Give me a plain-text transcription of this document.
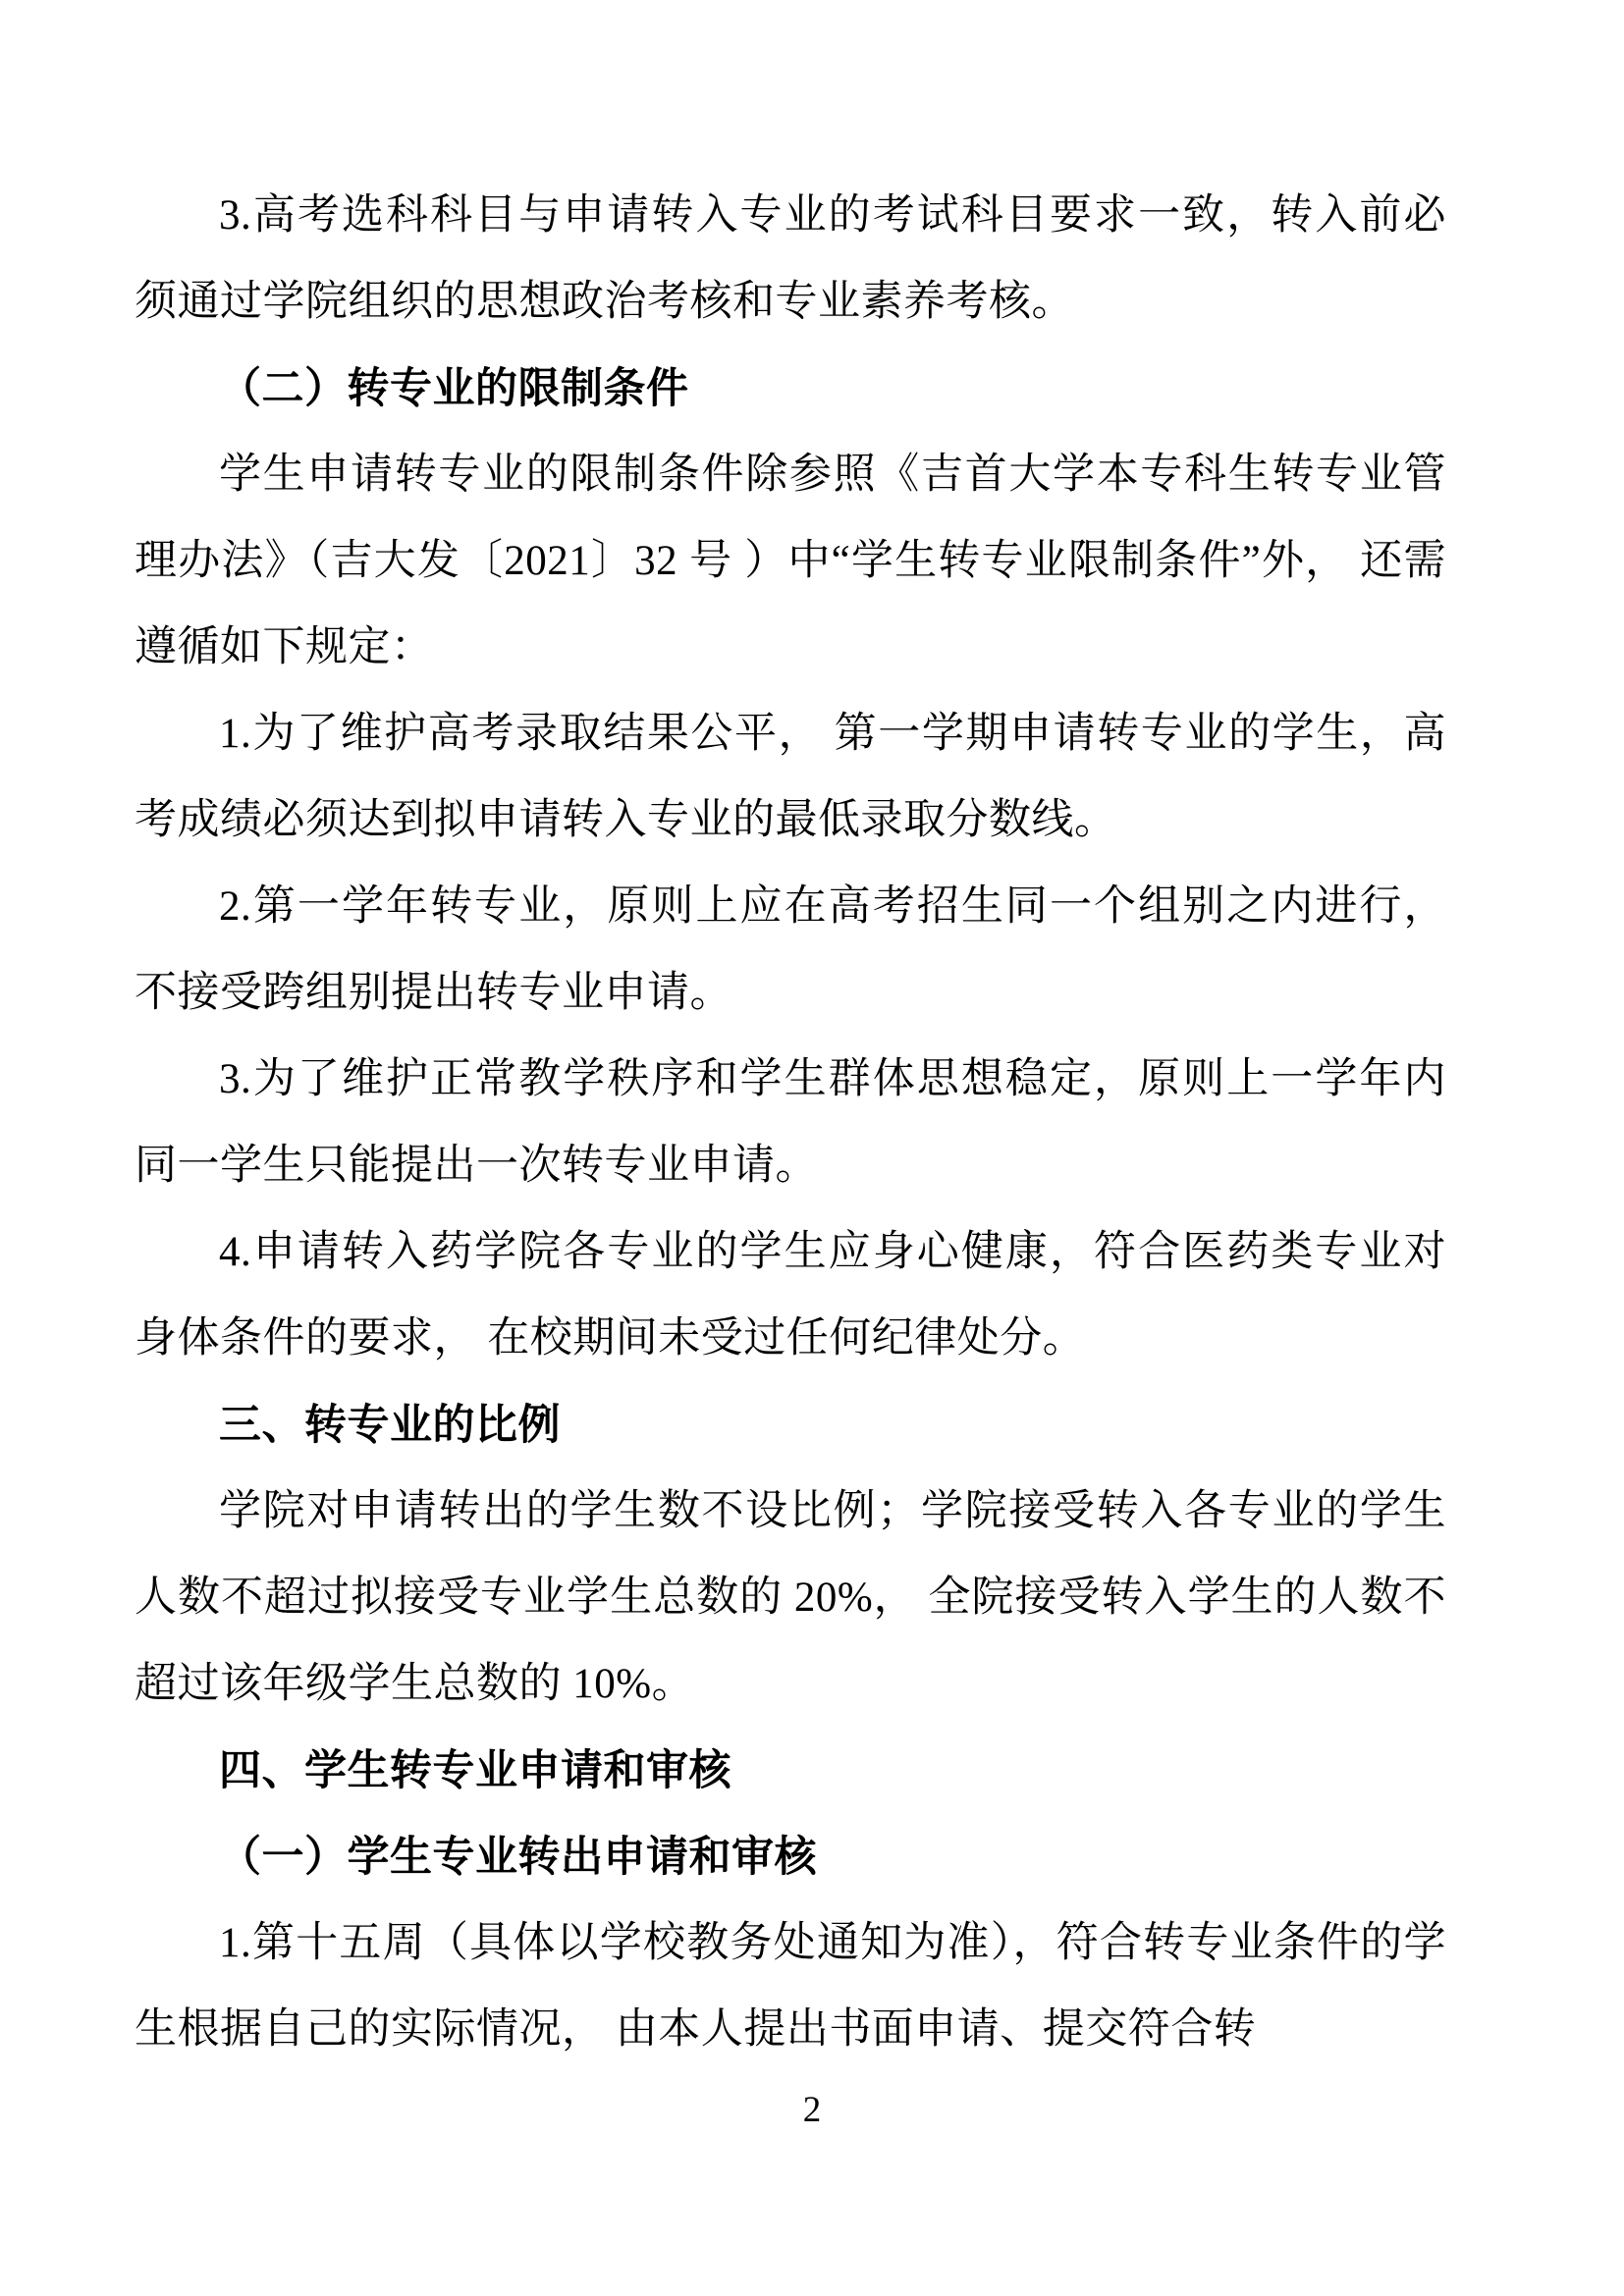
3.高考选科科目与申请转入专业的考试科目要求一致，转入前必须通过学院组织的思想政治考核和专业素养考核。

（二）转专业的限制条件

学生申请转专业的限制条件除参照《吉首大学本专科生转专业管理办法》（吉大发〔2021〕32 号 ）中“学生转专业限制条件”外， 还需遵循如下规定：

1.为了维护高考录取结果公平， 第一学期申请转专业的学生，高考成绩必须达到拟申请转入专业的最低录取分数线。

2.第一学年转专业，原则上应在高考招生同一个组别之内进行，不接受跨组别提出转专业申请。

3.为了维护正常教学秩序和学生群体思想稳定，原则上一学年内同一学生只能提出一次转专业申请。

4.申请转入药学院各专业的学生应身心健康，符合医药类专业对身体条件的要求， 在校期间未受过任何纪律处分。

三、转专业的比例

学院对申请转出的学生数不设比例；学院接受转入各专业的学生人数不超过拟接受专业学生总数的 20%， 全院接受转入学生的人数不超过该年级学生总数的 10%。

四、学生转专业申请和审核

（一）学生专业转出申请和审核

1.第十五周（具体以学校教务处通知为准），符合转专业条件的学生根据自己的实际情况， 由本人提出书面申请、提交符合转

2
